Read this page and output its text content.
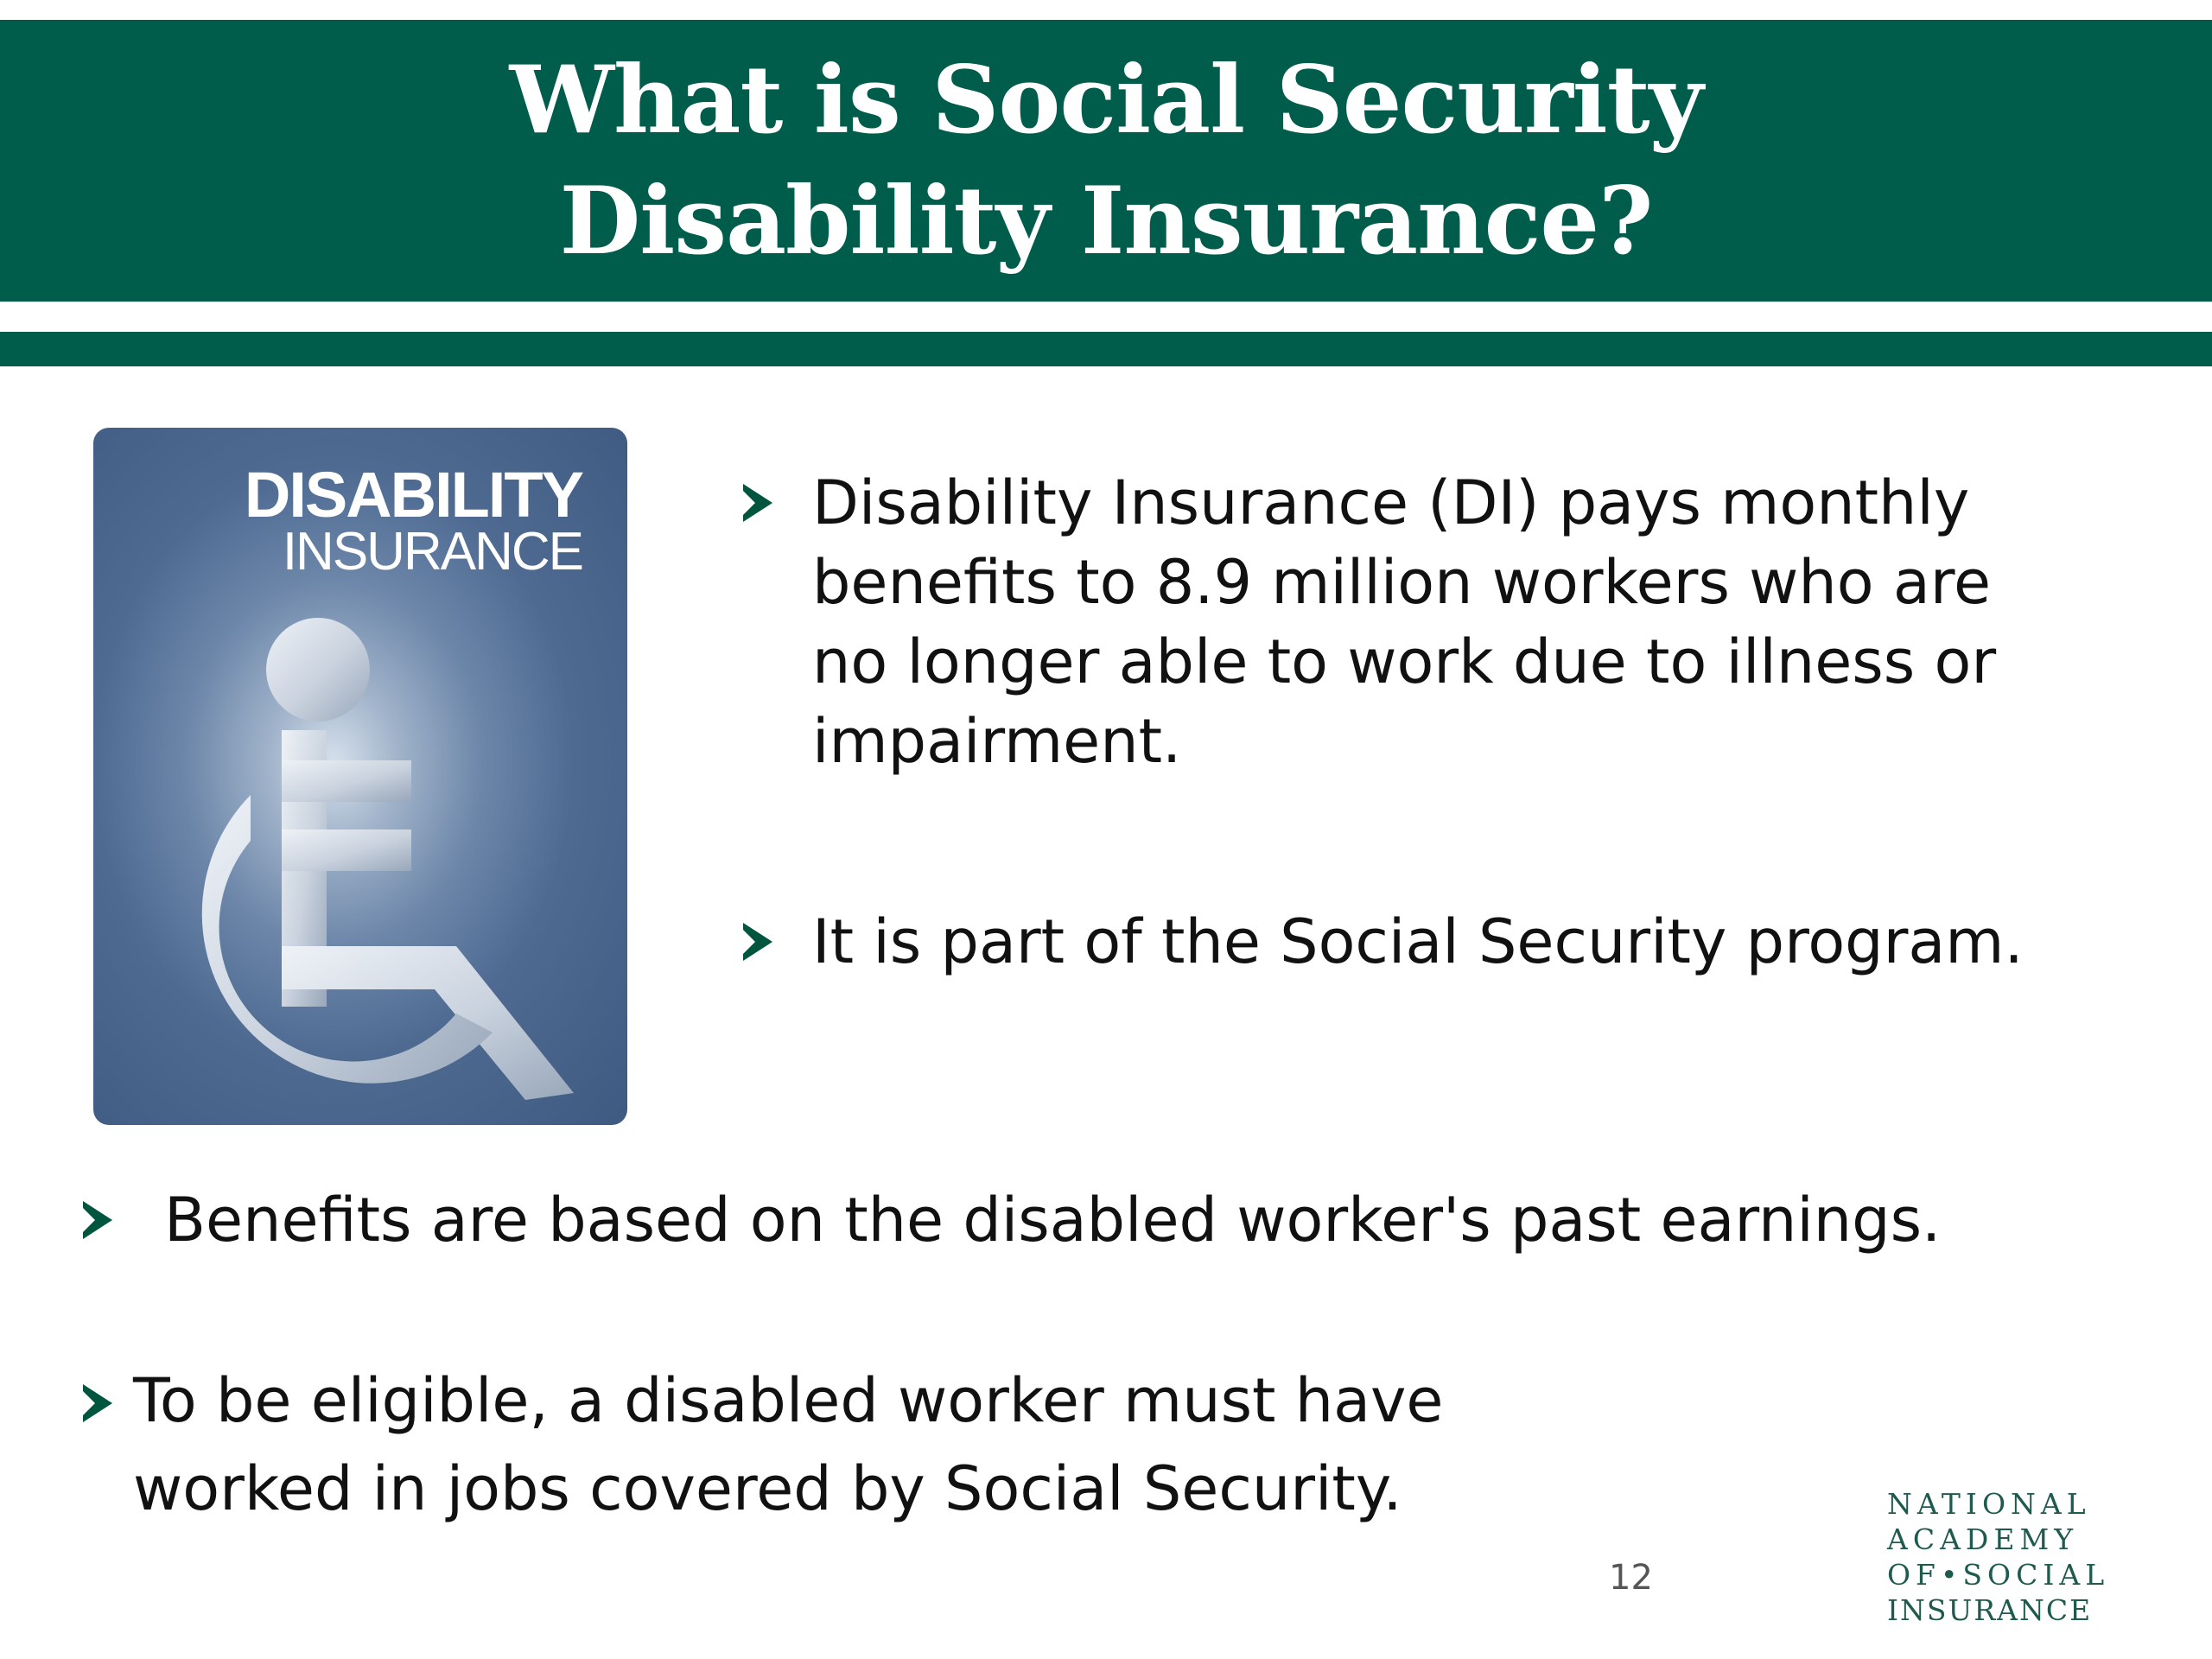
What is Social Security
Disability Insurance?
DISABILITY
INSURANCE
Disability Insurance (DI) pays monthly benefits to 8.9 million workers who are no longer able to work due to illness or impairment.
It is part of the Social Security program.
Benefits are based on the disabled worker's past earnings.
To be eligible, a disabled worker must have worked in jobs covered by Social Security.
12
NATIONAL
ACADEMY
OF•SOCIAL
INSURANCE
